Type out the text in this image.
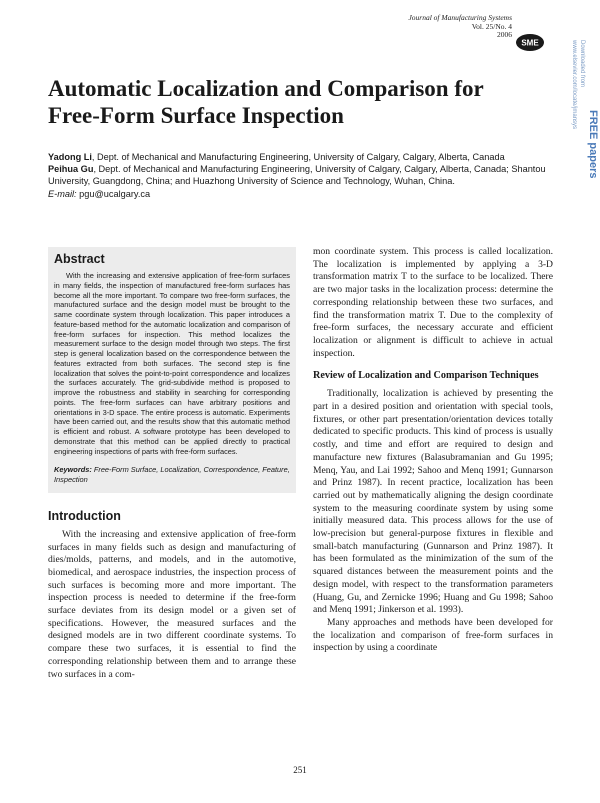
Journal of Manufacturing Systems
Vol. 25/No. 4
2006
SME	www.elsevier.com/locate/jmansys Downloaded from
FREE papers
Automatic Localization and Comparison for Free-Form Surface Inspection

Yadong Li, Dept. of Mechanical and Manufacturing Engineering, University of Calgary, Calgary, Alberta, Canada

Peihua Gu, Dept. of Mechanical and Manufacturing Engineering, University of Calgary, Calgary, Alberta, Canada; Shantou University, Guangdong, China; and Huazhong University of Science and Technology, Wuhan, China.

E-mail: pgu@ucalgary.ca

Abstract

With the increasing and extensive application of free-form surfaces in many fields, the inspection of manufactured free-form surfaces has become all the more important. To compare two free-form surfaces, the manufactured surface and the design model must be brought to the same coordinate system through localization. This paper introduces a feature-based method for the automatic localization and comparison of free-form surfaces for inspection. This method localizes the measurement surface to the design model through two steps. The first step is general localization based on the correspondence between the features extracted from both surfaces. The second step is fine localization that solves the point-to-point correspondence and localizes the surfaces accurately. The grid-subdivide method is proposed to improve the robustness and stability in searching for corresponding points. The free-form surfaces can have arbitrary positions and orientations in 3-D space. The entire process is automatic. Experiments have been carried out, and the results show that this automatic method is efficient and robust. A software prototype has been developed to demonstrate that this method can be applied directly to practical engineering inspections of parts with free-form surfaces.

Keywords: Free-Form Surface, Localization, Correspondence, Feature, Inspection

Introduction

With the increasing and extensive application of free-form surfaces in many fields such as design and manufacturing of dies/molds, patterns, and models, and in the automotive, biomedical, and aerospace industries, the inspection process of such surfaces is becoming more and more important. The inspection process is needed to determine if the free-form surface deviates from its design model or a given set of specifications. However, the measured surfaces and the designed models are in two different coordinate systems. To compare these two surfaces, it is essential to find the corresponding relationship between them and to arrange these two surfaces in a com-

mon coordinate system. This process is called localization. The localization is implemented by applying a 3-D transformation matrix T to the surface to be localized. There are two major tasks in the localization process: determine the corresponding relationship between these two surfaces, and find the transformation matrix T. Due to the complexity of free-form surfaces, the necessary accurate and efficient localization or alignment is difficult to achieve in actual inspection.

Review of Localization and Comparison Techniques

Traditionally, localization is achieved by presenting the part in a desired position and orientation with special tools, fixtures, or other part presentation/orientation devices totally dedicated to specific products. This kind of process is usually costly, and time and effort are required to design and manufacture new fixtures (Balasubramanian and Gu 1995; Menq, Yau, and Lai 1992; Sahoo and Menq 1991; Gunnarson and Prinz 1987). In recent practice, localization has been carried out by mathematically aligning the design coordinate system to the measuring coordinate system by using some initially measured data. This process allows for the use of low-precision but general-purpose fixtures in flexible and small-batch manufacturing (Gunnarson and Prinz 1987). It has been formulated as the minimization of the sum of the squared distances between the measurement points and the design model, with respect to the transformation parameters (Huang, Gu, and Zernicke 1996; Huang and Gu 1998; Sahoo and Menq 1991; Jinkerson et al. 1993).

Many approaches and methods have been developed for the localization and comparison of free-form surfaces in inspection by using a coordinate

251
